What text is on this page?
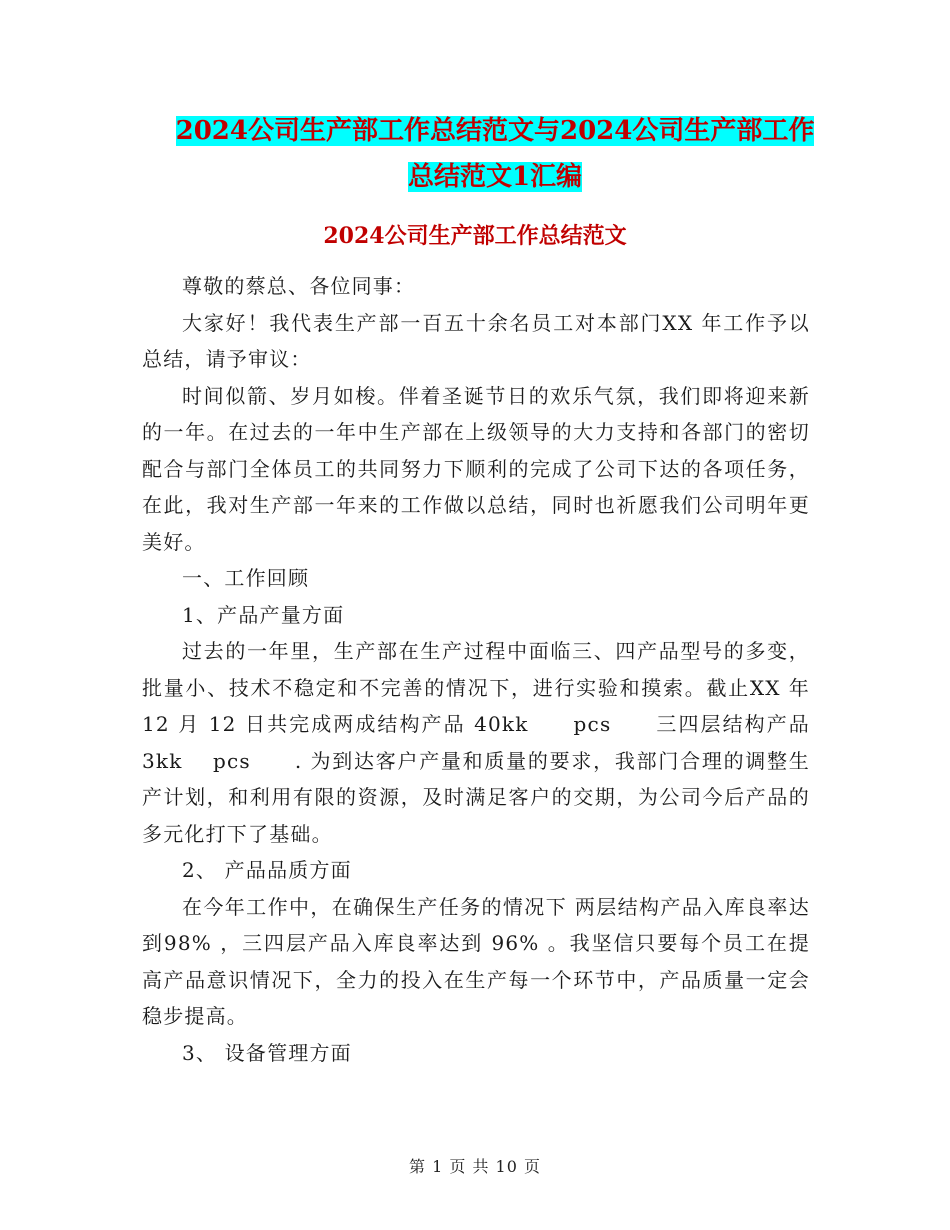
2024公司生产部工作总结范文与2024公司生产部工作
总结范文1汇编
2024公司生产部工作总结范文

尊敬的蔡总、各位同事：

大家好！我代表生产部一百五十余名员工对本部门XX 年工作予以总结，请予审议：

时间似箭、岁月如梭。伴着圣诞节日的欢乐气氛，我们即将迎来新的一年。在过去的一年中生产部在上级领导的大力支持和各部门的密切配合与部门全体员工的共同努力下顺利的完成了公司下达的各项任务，在此，我对生产部一年来的工作做以总结，同时也祈愿我们公司明年更美好。

一、工作回顾

1、产品产量方面

过去的一年里，生产部在生产过程中面临三、四产品型号的多变，批量小、技术不稳定和不完善的情况下，进行实验和摸索。截止XX 年 12 月 12 日共完成两成结构产品 40kk　　pcs　　三四层结构产品 3kk　 pcs　　. 为到达客户产量和质量的要求，我部门合理的调整生产计划，和利用有限的资源，及时满足客户的交期，为公司今后产品的多元化打下了基础。

2、 产品品质方面

在今年工作中，在确保生产任务的情况下 两层结构产品入库良率达到98% ，三四层产品入库良率达到 96% 。我坚信只要每个员工在提高产品意识情况下，全力的投入在生产每一个环节中，产品质量一定会稳步提高。

3、 设备管理方面

第 1 页 共 10 页
